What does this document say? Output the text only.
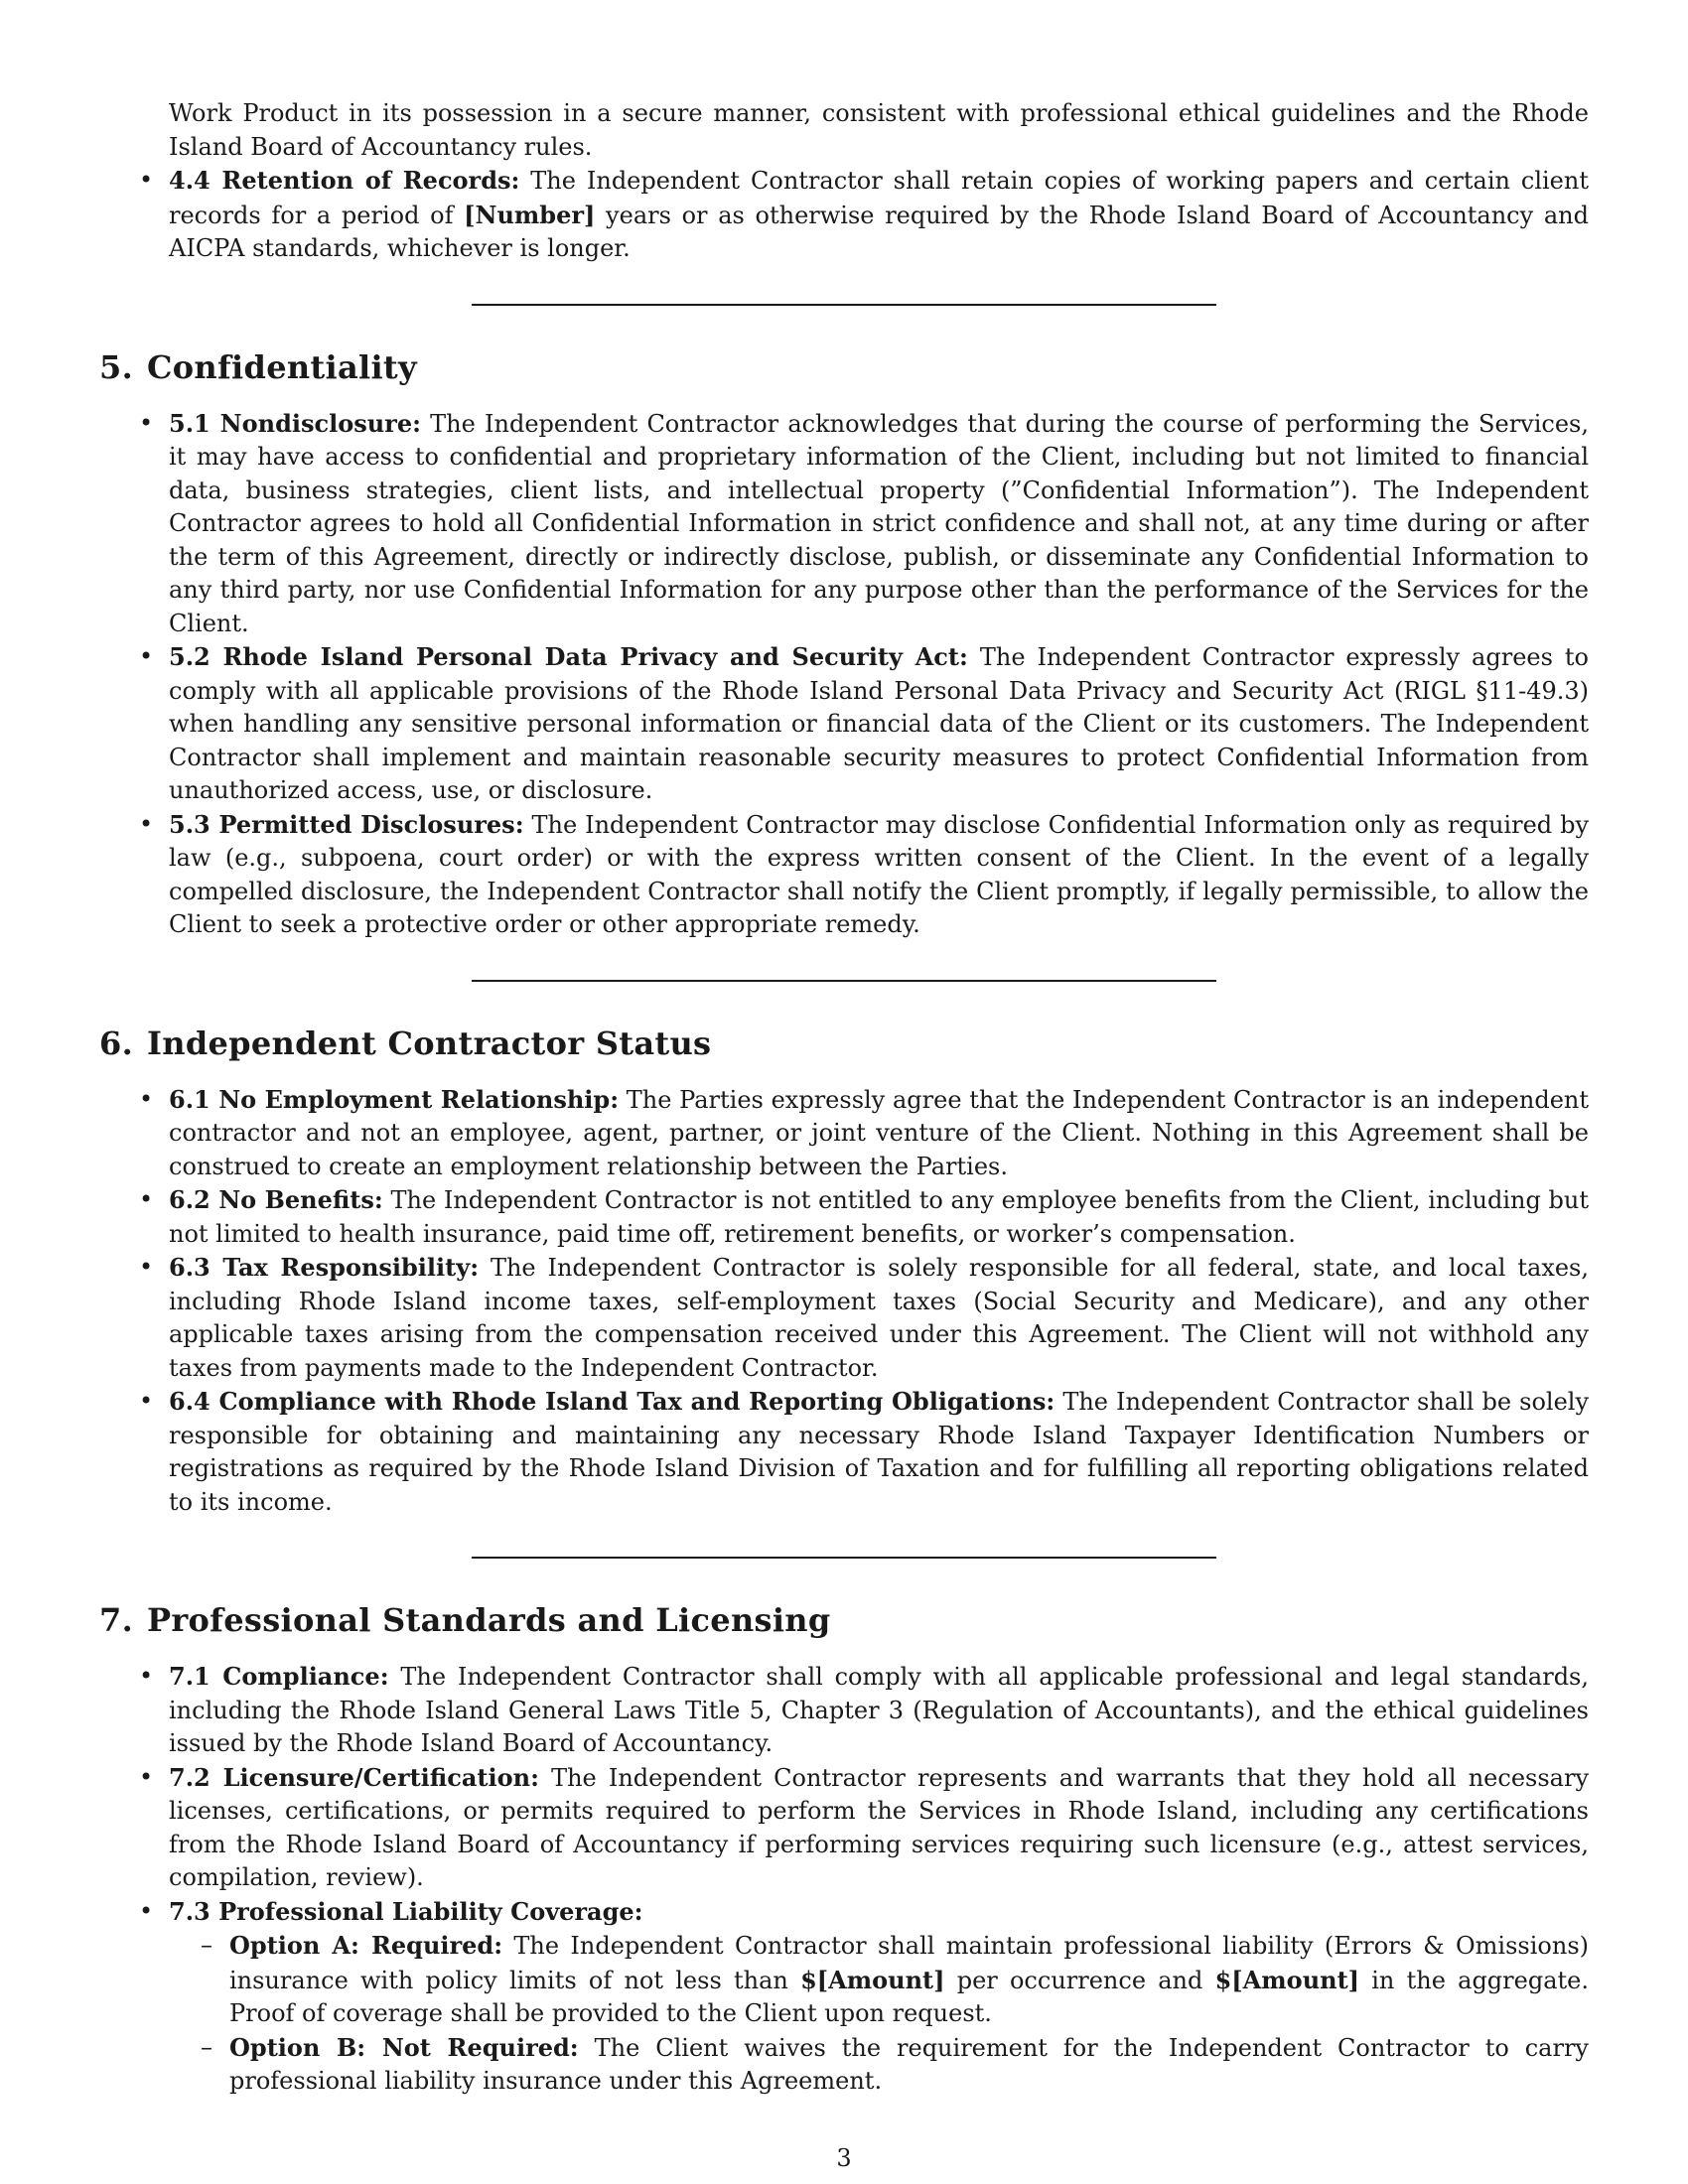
Work Product in its possession in a secure manner, consistent with professional ethical guidelines and the Rhode Island Board of Accountancy rules.
• 4.4 Retention of Records: The Independent Contractor shall retain copies of working papers and certain client records for a period of [Number] years or as otherwise required by the Rhode Island Board of Accountancy and AICPA standards, whichever is longer.
5. Confidentiality
• 5.1 Nondisclosure: The Independent Contractor acknowledges that during the course of performing the Services, it may have access to confidential and proprietary information of the Client, including but not limited to financial data, business strategies, client lists, and intellectual property (”Confidential Information”). The Independent Contractor agrees to hold all Confidential Information in strict confidence and shall not, at any time during or after the term of this Agreement, directly or indirectly disclose, publish, or disseminate any Confidential Information to any third party, nor use Confidential Information for any purpose other than the performance of the Services for the Client.
• 5.2 Rhode Island Personal Data Privacy and Security Act: The Independent Contractor expressly agrees to comply with all applicable provisions of the Rhode Island Personal Data Privacy and Security Act (RIGL §11-49.3) when handling any sensitive personal information or financial data of the Client or its customers. The Independent Contractor shall implement and maintain reasonable security measures to protect Confidential Information from unauthorized access, use, or disclosure.
• 5.3 Permitted Disclosures: The Independent Contractor may disclose Confidential Information only as required by law (e.g., subpoena, court order) or with the express written consent of the Client. In the event of a legally compelled disclosure, the Independent Contractor shall notify the Client promptly, if legally permissible, to allow the Client to seek a protective order or other appropriate remedy.
6. Independent Contractor Status
• 6.1 No Employment Relationship: The Parties expressly agree that the Independent Contractor is an independent contractor and not an employee, agent, partner, or joint venture of the Client. Nothing in this Agreement shall be construed to create an employment relationship between the Parties.
• 6.2 No Benefits: The Independent Contractor is not entitled to any employee benefits from the Client, including but not limited to health insurance, paid time off, retirement benefits, or worker’s compensation.
• 6.3 Tax Responsibility: The Independent Contractor is solely responsible for all federal, state, and local taxes, including Rhode Island income taxes, self-employment taxes (Social Security and Medicare), and any other applicable taxes arising from the compensation received under this Agreement. The Client will not withhold any taxes from payments made to the Independent Contractor.
• 6.4 Compliance with Rhode Island Tax and Reporting Obligations: The Independent Contractor shall be solely responsible for obtaining and maintaining any necessary Rhode Island Taxpayer Identification Numbers or registrations as required by the Rhode Island Division of Taxation and for fulfilling all reporting obligations related to its income.
7. Professional Standards and Licensing
• 7.1 Compliance: The Independent Contractor shall comply with all applicable professional and legal standards, including the Rhode Island General Laws Title 5, Chapter 3 (Regulation of Accountants), and the ethical guidelines issued by the Rhode Island Board of Accountancy.
• 7.2 Licensure/Certification: The Independent Contractor represents and warrants that they hold all necessary licenses, certifications, or permits required to perform the Services in Rhode Island, including any certifications from the Rhode Island Board of Accountancy if performing services requiring such licensure (e.g., attest services, compilation, review).
• 7.3 Professional Liability Coverage:
– Option A: Required: The Independent Contractor shall maintain professional liability (Errors & Omissions) insurance with policy limits of not less than $[Amount] per occurrence and $[Amount] in the aggregate. Proof of coverage shall be provided to the Client upon request.
– Option B: Not Required: The Client waives the requirement for the Independent Contractor to carry professional liability insurance under this Agreement.
3
